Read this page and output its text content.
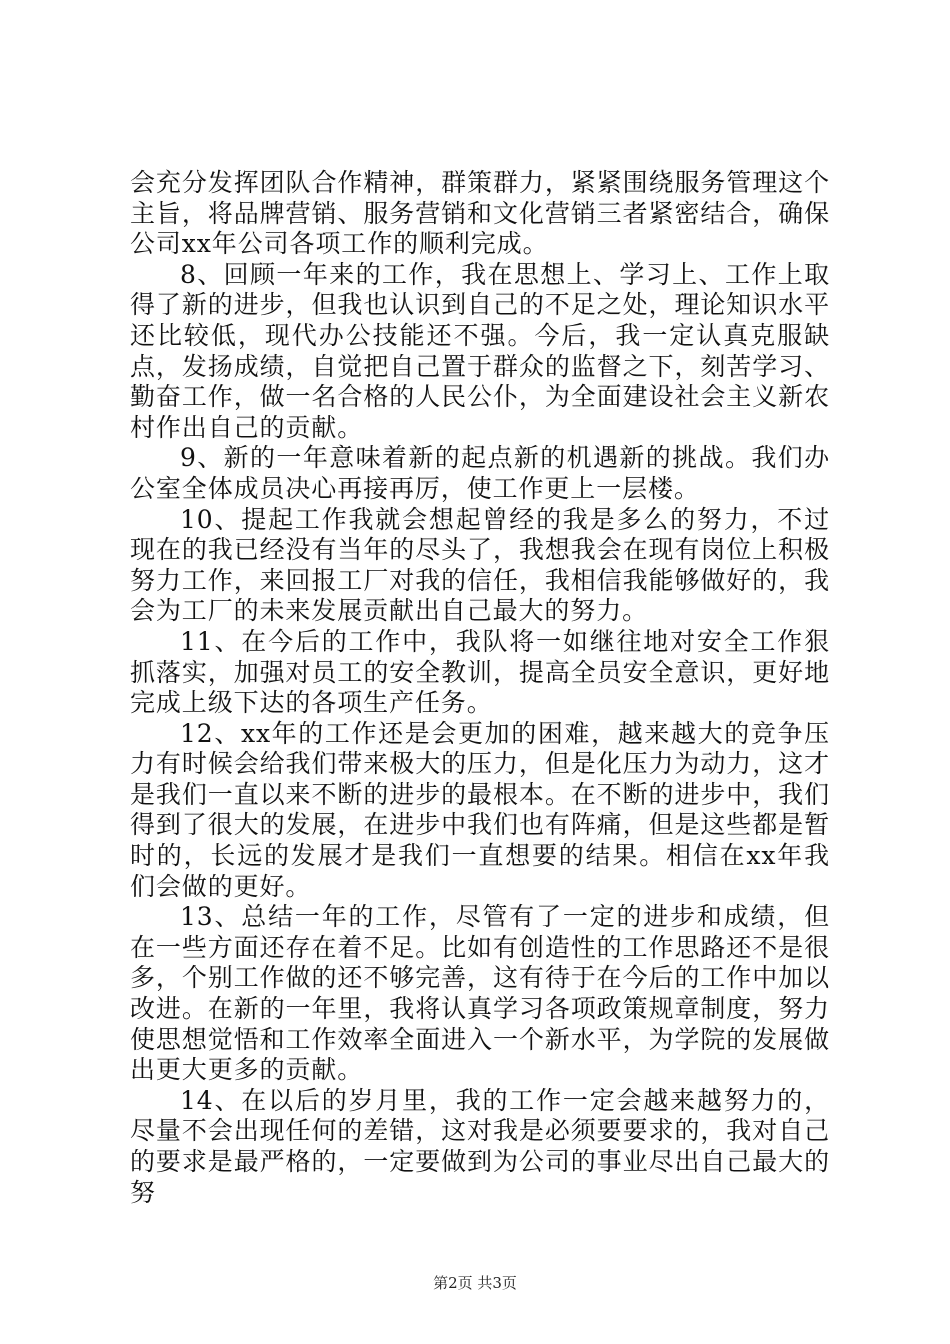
会充分发挥团队合作精神，群策群力，紧紧围绕服务管理这个主旨，将品牌营销、服务营销和文化营销三者紧密结合，确保公司xx年公司各项工作的顺利完成。

8、回顾一年来的工作，我在思想上、学习上、工作上取得了新的进步，但我也认识到自己的不足之处，理论知识水平还比较低，现代办公技能还不强。今后，我一定认真克服缺点，发扬成绩，自觉把自己置于群众的监督之下，刻苦学习、勤奋工作，做一名合格的人民公仆，为全面建设社会主义新农村作出自己的贡献。

9、新的一年意味着新的起点新的机遇新的挑战。我们办公室全体成员决心再接再厉，使工作更上一层楼。

10、提起工作我就会想起曾经的我是多么的努力，不过现在的我已经没有当年的尽头了，我想我会在现有岗位上积极努力工作，来回报工厂对我的信任，我相信我能够做好的，我会为工厂的未来发展贡献出自己最大的努力。

11、在今后的工作中，我队将一如继往地对安全工作狠抓落实，加强对员工的安全教训，提高全员安全意识，更好地完成上级下达的各项生产任务。

12、xx年的工作还是会更加的困难，越来越大的竞争压力有时候会给我们带来极大的压力，但是化压力为动力，这才是我们一直以来不断的进步的最根本。在不断的进步中，我们得到了很大的发展，在进步中我们也有阵痛，但是这些都是暂时的，长远的发展才是我们一直想要的结果。相信在xx年我们会做的更好。

13、总结一年的工作，尽管有了一定的进步和成绩，但在一些方面还存在着不足。比如有创造性的工作思路还不是很多，个别工作做的还不够完善，这有待于在今后的工作中加以改进。在新的一年里，我将认真学习各项政策规章制度，努力使思想觉悟和工作效率全面进入一个新水平，为学院的发展做出更大更多的贡献。

14、在以后的岁月里，我的工作一定会越来越努力的，尽量不会出现任何的差错，这对我是必须要要求的，我对自己的要求是最严格的，一定要做到为公司的事业尽出自己最大的努

第2页 共3页
